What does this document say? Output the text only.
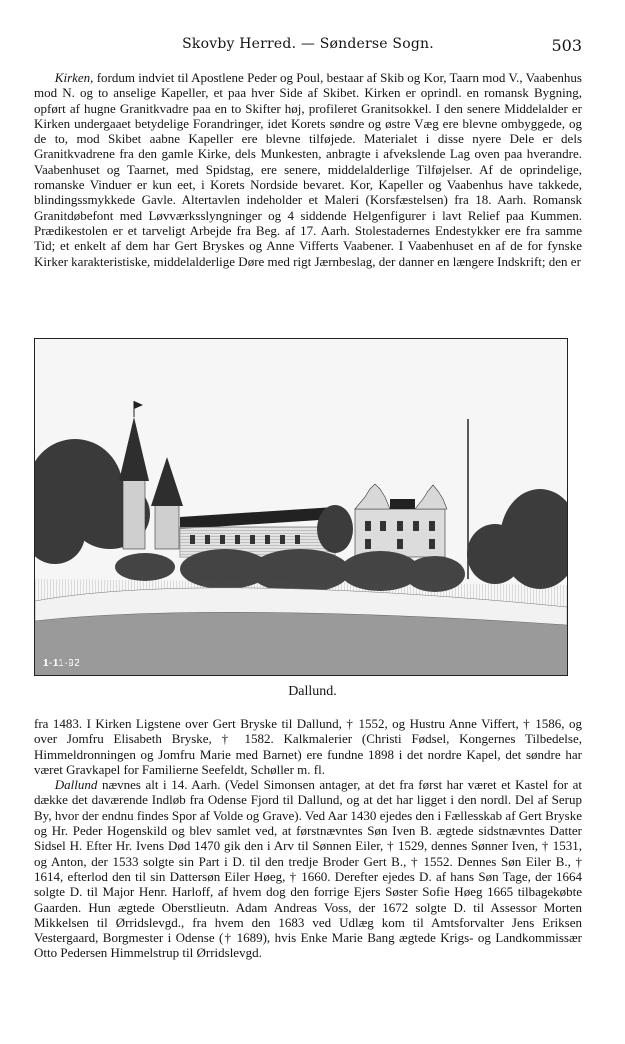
Skovby Herred. — Sønderse Sogn.	503

Kirken, fordum indviet til Apostlene Peder og Poul, bestaar af Skib og Kor, Taarn mod V., Vaabenhus mod N. og to anselige Kapeller, et paa hver Side af Skibet. Kirken er oprindl. en romansk Bygning, opført af hugne Granitkvadre paa en to Skifter høj, profileret Granitsokkel. I den senere Middelalder er Kirken undergaaet betydelige Forandringer, idet Korets søndre og østre Væg ere blevne ombyggede, og de to, mod Skibet aabne Kapeller ere blevne tilføjede. Materialet i disse nyere Dele er dels Granitkvadrene fra den gamle Kirke, dels Munkesten, anbragte i afvekslende Lag oven paa hverandre. Vaabenhuset og Taarnet, med Spidstag, ere senere, middelalderlige Tilføjelser. Af de oprindelige, romanske Vinduer er kun eet, i Korets Nordside bevaret. Kor, Kapeller og Vaabenhus have takkede, blindingssmykkede Gavle. Altertavlen indeholder et Maleri (Korsfæstelsen) fra 18. Aarh. Romansk Granitdøbefont med Løvværksslyngninger og 4 siddende Helgenfigurer i lavt Relief paa Kummen. Prædikestolen er et tarveligt Arbejde fra Beg. af 17. Aarh. Stolestadernes Endestykker ere fra samme Tid; et enkelt af dem har Gert Bryskes og Anne Vifferts Vaabener. I Vaabenhuset en af de for fynske Kirker karakteristiske, middelalderlige Døre med rigt Jærnbeslag, der danner en længere Indskrift; den er

1-11-92
Dallund.

fra 1483. I Kirken Ligstene over Gert Bryske til Dallund, † 1552, og Hustru Anne Viffert, † 1586, og over Jomfru Elisabeth Bryske, † 1582. Kalkmalerier (Christi Fødsel, Kongernes Tilbedelse, Himmeldronningen og Jomfru Marie med Barnet) ere fundne 1898 i det nordre Kapel, det søndre har været Gravkapel for Familierne Seefeldt, Schøller m. fl.

Dallund nævnes alt i 14. Aarh. (Vedel Simonsen antager, at det fra først har været et Kastel for at dække det daværende Indløb fra Odense Fjord til Dallund, og at det har ligget i den nordl. Del af Serup By, hvor der endnu findes Spor af Volde og Grave). Ved Aar 1430 ejedes den i Fællesskab af Gert Bryske og Hr. Peder Hogenskild og blev samlet ved, at førstnævntes Søn Iven B. ægtede sidstnævntes Datter Sidsel H. Efter Hr. Ivens Død 1470 gik den i Arv til Sønnen Eiler, † 1529, dennes Sønner Iven, † 1531, og Anton, der 1533 solgte sin Part i D. til den tredje Broder Gert B., † 1552. Dennes Søn Eiler B., † 1614, efterlod den til sin Dattersøn Eiler Høeg, † 1660. Derefter ejedes D. af hans Søn Tage, der 1664 solgte D. til Major Henr. Harloff, af hvem dog den forrige Ejers Søster Sofie Høeg 1665 tilbagekøbte Gaarden. Hun ægtede Oberstlieutn. Adam Andreas Voss, der 1672 solgte D. til Assessor Morten Mikkelsen til Ørridslevgd., fra hvem den 1683 ved Udlæg kom til Amtsforvalter Jens Eriksen Vestergaard, Borgmester i Odense († 1689), hvis Enke Marie Bang ægtede Krigs- og Landkommissær Otto Pedersen Himmelstrup til Ørridslevgd.
